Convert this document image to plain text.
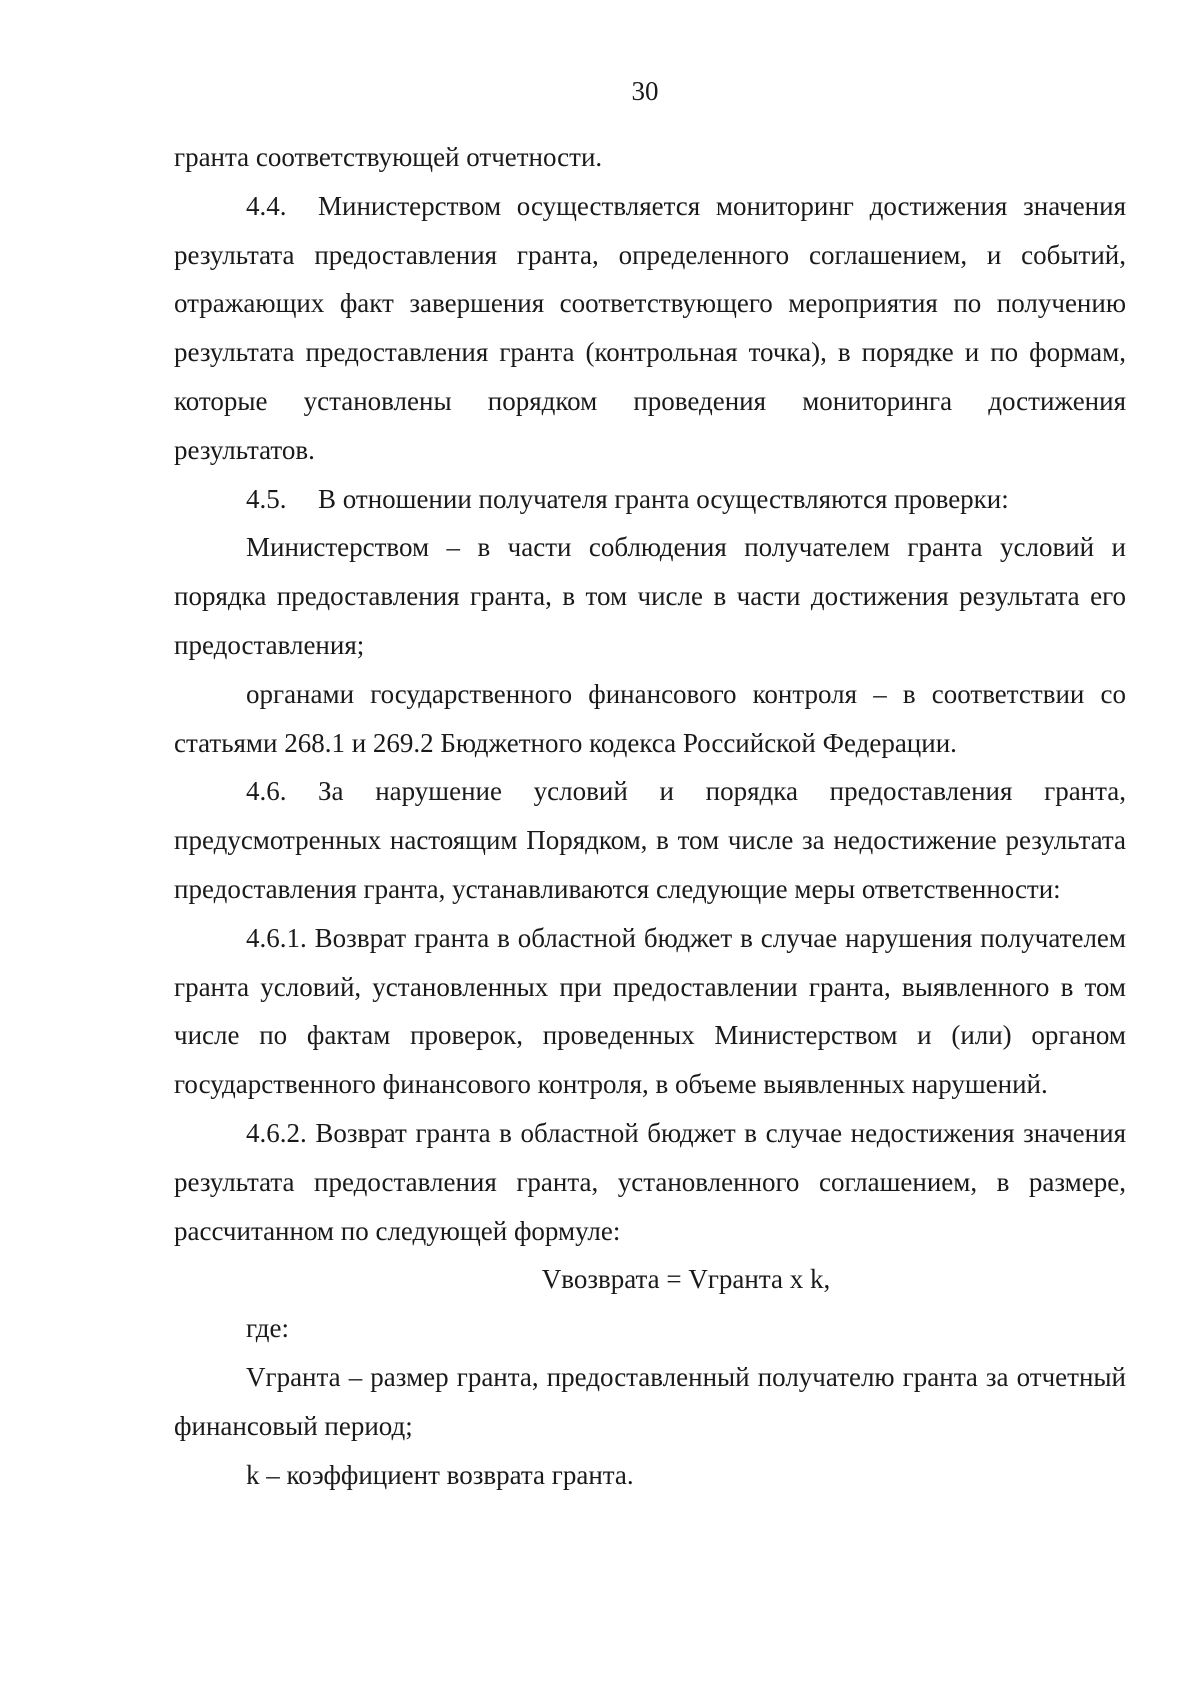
30

гранта соответствующей отчетности.

4.4. Министерством осуществляется мониторинг достижения значения результата предоставления гранта, определенного соглашением, и событий, отражающих факт завершения соответствующего мероприятия по получению результата предоставления гранта (контрольная точка), в порядке и по формам, которые установлены порядком проведения мониторинга достижения результатов.

4.5. В отношении получателя гранта осуществляются проверки:

Министерством – в части соблюдения получателем гранта условий и порядка предоставления гранта, в том числе в части достижения результата его предоставления;

органами государственного финансового контроля – в соответствии со статьями 268.1 и 269.2 Бюджетного кодекса Российской Федерации.

4.6. За нарушение условий и порядка предоставления гранта, предусмотренных настоящим Порядком, в том числе за недостижение результата предоставления гранта, устанавливаются следующие меры ответственности:

4.6.1. Возврат гранта в областной бюджет в случае нарушения получателем гранта условий, установленных при предоставлении гранта, выявленного в том числе по фактам проверок, проведенных Министерством и (или) органом государственного финансового контроля, в объеме выявленных нарушений.

4.6.2. Возврат гранта в областной бюджет в случае недостижения значения результата предоставления гранта, установленного соглашением, в размере, рассчитанном по следующей формуле:

Vвозврата = Vгранта x k,

где:

Vгранта – размер гранта, предоставленный получателю гранта за отчетный финансовый период;

k – коэффициент возврата гранта.
